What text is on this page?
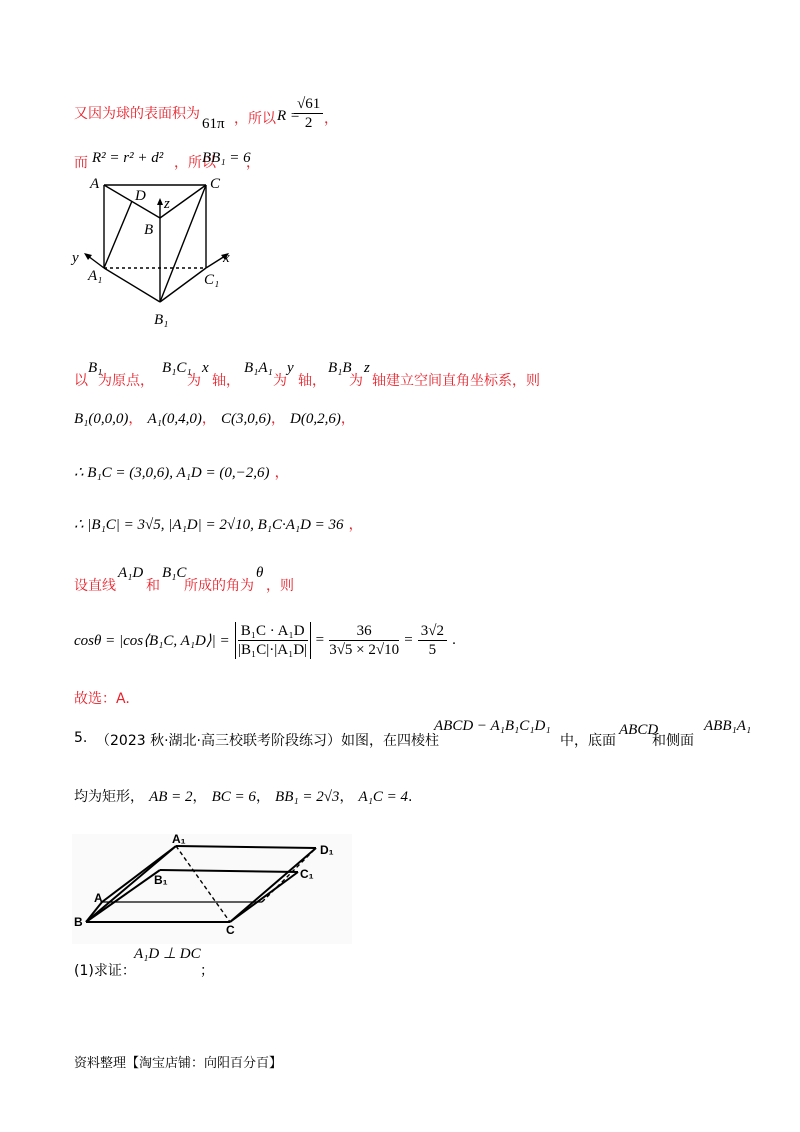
又因为球的表面积为
61π ，所以 R =
$\frac{√61}{2}$ ，
而 R² = r² + d² ，所以
BB₁ = 6
，
A
D
C
z
B
y	x
A₁	C₁
B₁
以
B₁
为原点，
B₁C₁
为
x
轴，
B₁A₁
为
y
轴，
B₁B
为
z
轴建立空间直角坐标系，则
B₁(0,0,0)， A₁(0,4,0)， C(3,0,6)， D(0,2,6)，
∴ B₁C = (3,0,6), A₁D = (0,−2,6) ，
∴ |B₁C| = 3√5, |A₁D| = 2√10, B₁C·A₁D = 36 ，
设直线
A₁D
和
B₁C
所成的角为
θ
，则
cosθ = |cos⟨B₁C, A₁D⟩| = $\frac{\text{B₁C · A₁D}}{\text{|B₁C|·|A₁D|}} = \frac{36}{3√5 \times 2√10} = \frac{3√2}{5}$ .
故选：A.
5. （2023 秋·湖北·高三校联考阶段练习）如图，在四棱柱
ABCD − A₁B₁C₁D₁
中，底面
ABCD
和侧面
ABB₁A₁
均为矩形， AB = 2， BC = 6， BB₁ = 2√3， A₁C = 4.
A₁
D₁
B₁	C₁
A
B
C
(1)求证：
A₁D ⊥ DC
；
资料整理【淘宝店铺：向阳百分百】
